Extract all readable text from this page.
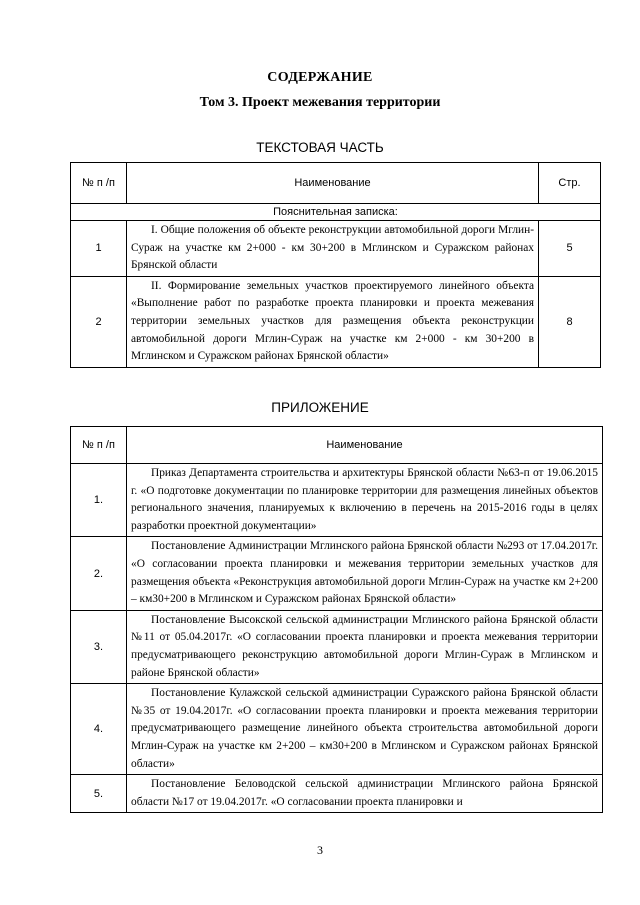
СОДЕРЖАНИЕ
Том 3. Проект межевания территории
ТЕКСТОВАЯ ЧАСТЬ
№ п /п	Наименование	Стр.
Пояснительная записка:		
1	I. Общие положения об объекте реконструкции автомобильной дороги Мглин-Сураж на участке км 2+000 - км 30+200 в Мглинском и Суражском районах Брянской области	5
2	II. Формирование земельных участков проектируемого линейного объекта «Выполнение работ по разработке проекта планировки и проекта межевания территории земельных участков для размещения объекта реконструкции автомобильной дороги Мглин-Сураж на участке км 2+000 - км 30+200 в Мглинском и Суражском районах Брянской области»	8
ПРИЛОЖЕНИЕ
№ п /п	Наименование
1.	Приказ Департамента строительства и архитектуры Брянской области №63-п от 19.06.2015 г. «О подготовке документации по планировке территории для размещения линейных объектов регионального значения, планируемых к включению в перечень на 2015-2016 годы в целях разработки проектной документации»
2.	Постановление Администрации Мглинского района Брянской области №293 от 17.04.2017г. «О согласовании проекта планировки и межевания территории земельных участков для размещения объекта «Реконструкция автомобильной дороги Мглин-Сураж на участке км 2+200 – км30+200 в Мглинском и Суражском районах Брянской области»
3.	Постановление Высокской сельской администрации Мглинского района Брянской области №11 от 05.04.2017г. «О согласовании проекта планировки и проекта межевания территории предусматривающего реконструкцию автомобильной дороги Мглин-Сураж в Мглинском и районе Брянской области»
4.	Постановление Кулажской сельской администрации Суражского района Брянской области №35 от 19.04.2017г. «О согласовании проекта планировки и проекта межевания территории предусматривающего размещение линейного объекта строительства автомобильной дороги Мглин-Сураж на участке км 2+200 – км30+200 в Мглинском и Суражском районах Брянской области»
5.	Постановление Беловодской сельской администрации Мглинского района Брянской области №17 от 19.04.2017г. «О согласовании проекта планировки и
3
